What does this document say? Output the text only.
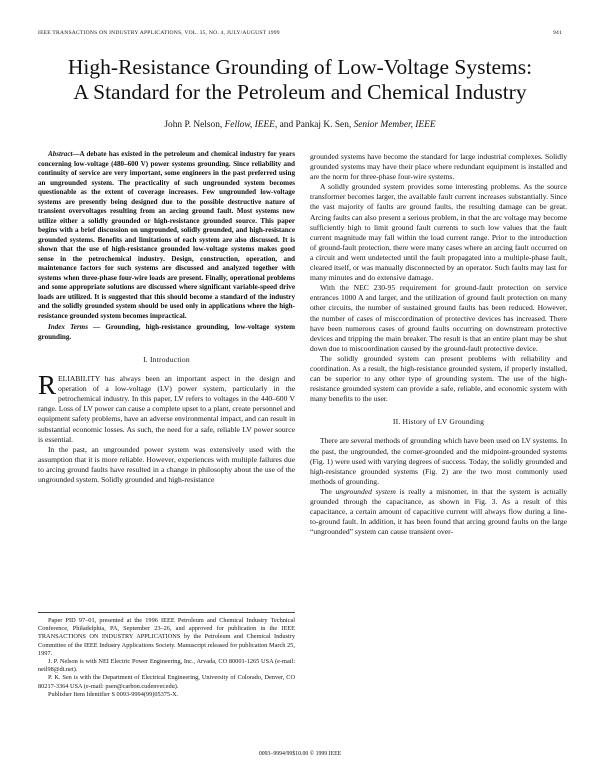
IEEE TRANSACTIONS ON INDUSTRY APPLICATIONS, VOL. 35, NO. 4, JULY/AUGUST 1999	941
High-Resistance Grounding of Low-Voltage Systems:
A Standard for the Petroleum and Chemical Industry
John P. Nelson, Fellow, IEEE, and Pankaj K. Sen, Senior Member, IEEE
Abstract—A debate has existed in the petroleum and chemical industry for years concerning low-voltage (480–600 V) power systems grounding. Since reliability and continuity of service are very important, some engineers in the past preferred using an ungrounded system. The practicality of such ungrounded system becomes questionable as the extent of coverage increases. Few ungrounded low-voltage systems are presently being designed due to the possible destructive nature of transient overvoltages resulting from an arcing ground fault. Most systems now utilize either a solidly grounded or high-resistance grounded source. This paper begins with a brief discussion on ungrounded, solidly grounded, and high-resistance grounded systems. Benefits and limitations of each system are also discussed. It is shown that the use of high-resistance grounded low-voltage systems makes good sense in the petrochemical industry. Design, construction, operation, and maintenance factors for such systems are discussed and analyzed together with systems when three-phase four-wire loads are present. Finally, operational problems and some appropriate solutions are discussed where significant variable-speed drive loads are utilized. It is suggested that this should become a standard of the industry and the solidly grounded system should be used only in applications where the high-resistance grounded system becomes impractical.
Index Terms — Grounding, high-resistance grounding, low-voltage system grounding.
I. Introduction
RELIABILITY has always been an important aspect in the design and operation of a low-voltage (LV) power system, particularly in the petrochemical industry. In this paper, LV refers to voltages in the 440–600 V range. Loss of LV power can cause a complete upset to a plant, create personnel and equipment safety problems, have an adverse environmental impact, and can result in substantial economic losses. As such, the need for a safe, reliable LV power source is essential.
In the past, an ungrounded power system was extensively used with the assumption that it is more reliable. However, experiences with multiple failures due to arcing ground faults have resulted in a change in philosophy about the use of the ungrounded system. Solidly grounded and high-resistance
Paper PID 97–01, presented at the 1996 IEEE Petroleum and Chemical Industry Technical Conference, Philadelphia, PA, September 23–26, and approved for publication in the IEEE TRANSACTIONS ON INDUSTRY APPLICATIONS by the Petroleum and Chemical Industry Committee of the IEEE Industry Applications Society. Manuscript released for publication March 25, 1997.
J. P. Nelson is with NEI Electric Power Engineering, Inc., Arvada, CO 80001-1265 USA (e-mail: neil98@dt.net).
P. K. Sen is with the Department of Electrical Engineering, University of Colorado, Denver, CO 80217-3364 USA (e-mail: psen@carbon.cudenver.edu).
Publisher Item Identifier S 0093-9994(99)05375-X.
grounded systems have become the standard for large industrial complexes. Solidly grounded systems may have their place where redundant equipment is installed and are the norm for three-phase four-wire systems.
A solidly grounded system provides some interesting problems. As the source transformer becomes larger, the available fault current increases substantially. Since the vast majority of faults are ground faults, the resulting damage can be great. Arcing faults can also present a serious problem, in that the arc voltage may become sufficiently high to limit ground fault currents to such low values that the fault current magnitude may fall within the load current range. Prior to the introduction of ground-fault protection, there were many cases where an arcing fault occurred on a circuit and went undetected until the fault propagated into a multiple-phase fault, cleared itself, or was manually disconnected by an operator. Such faults may last for many minutes and do extensive damage.
With the NEC 230-95 requirement for ground-fault protection on service entrances 1000 A and larger, and the utilization of ground fault protection on many other circuits, the number of sustained ground faults has been reduced. However, the number of cases of misccordination of protective devices has increased. There have been numerous cases of ground faults occurring on downstream protective devices and tripping the main breaker. The result is that an entire plant may be shut down due to miscoordination caused by the ground-fault protective device.
The solidly grounded system can present problems with reliability and coordination. As a result, the high-resistance grounded system, if properly installed, can be superior to any other type of grounding system. The use of the high-resistance grounded system can provide a safe, reliable, and economic system with many benefits to the user.
II. History of LV Grounding
There are several methods of grounding which have been used on LV systems. In the past, the ungrounded, the corner-grounded and the midpoint-grounded systems (Fig. 1) were used with varying degrees of success. Today, the solidly grounded and high-resistance grounded systems (Fig. 2) are the two most commonly used methods of grounding.
The ungrounded system is really a misnomer, in that the system is actually grounded through the capacitance, as shown in Fig. 3. As a result of this capacitance, a certain amount of capacitive current will always flow during a line-to-ground fault. In addition, it has been found that arcing ground faults on the large “ungrounded” system can cause transient over-
0093–9994/99$10.00 © 1999 IEEE
